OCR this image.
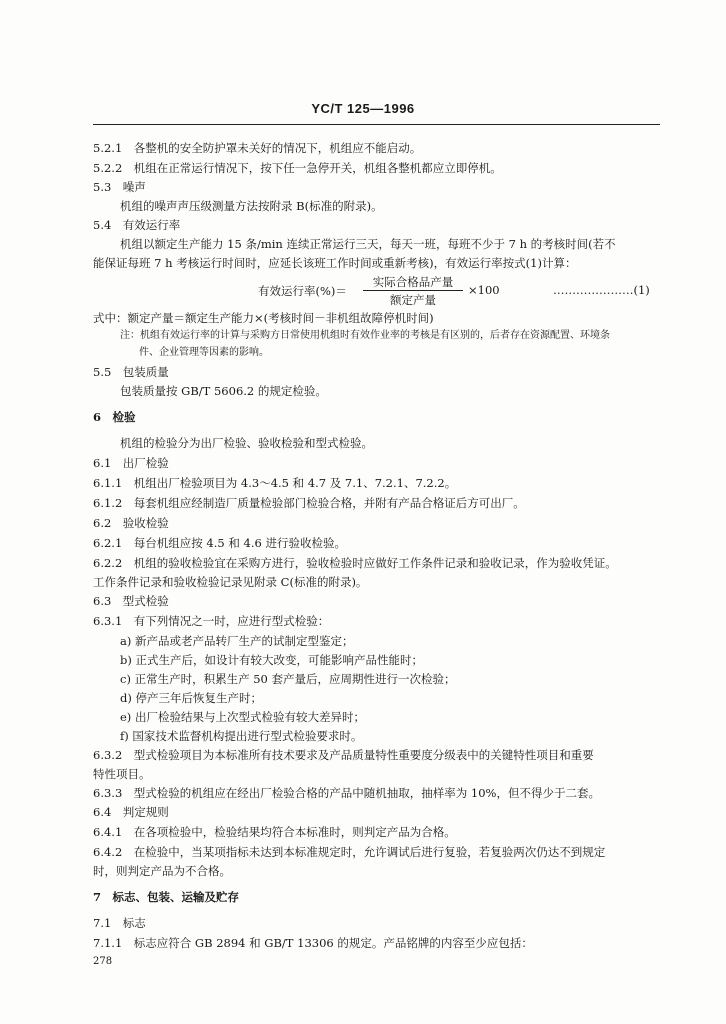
YC/T 125—1996
5.2.1　各整机的安全防护罩未关好的情况下，机组应不能启动。
5.2.2　机组在正常运行情况下，按下任一急停开关，机组各整机都应立即停机。
5.3　噪声
机组的噪声声压级测量方法按附录 B(标准的附录)。
5.4　有效运行率
机组以额定生产能力 15 条/min 连续正常运行三天，每天一班，每班不少于 7 h 的考核时间(若不
能保证每班 7 h 考核运行时间时，应延长该班工作时间或重新考核)，有效运行率按式(1)计算：
有效运行率(%)＝
实际合格品产量
额定产量
×100	…………………(1)
式中：额定产量＝额定生产能力×(考核时间－非机组故障停机时间)
注：机组有效运行率的计算与采购方日常使用机组时有效作业率的考核是有区别的，后者存在资源配置、环境条
件、企业管理等因素的影响。
5.5　包装质量
包装质量按 GB/T 5606.2 的规定检验。
6　检验
机组的检验分为出厂检验、验收检验和型式检验。
6.1　出厂检验
6.1.1　机组出厂检验项目为 4.3～4.5 和 4.7 及 7.1、7.2.1、7.2.2。
6.1.2　每套机组应经制造厂质量检验部门检验合格，并附有产品合格证后方可出厂。
6.2　验收检验
6.2.1　每台机组应按 4.5 和 4.6 进行验收检验。
6.2.2　机组的验收检验宜在采购方进行，验收检验时应做好工作条件记录和验收记录，作为验收凭证。
工作条件记录和验收检验记录见附录 C(标准的附录)。
6.3　型式检验
6.3.1　有下列情况之一时，应进行型式检验：
a) 新产品或老产品转厂生产的试制定型鉴定；
b) 正式生产后，如设计有较大改变，可能影响产品性能时；
c) 正常生产时，积累生产 50 套产量后，应周期性进行一次检验；
d) 停产三年后恢复生产时；
e) 出厂检验结果与上次型式检验有较大差异时；
f) 国家技术监督机构提出进行型式检验要求时。
6.3.2　型式检验项目为本标准所有技术要求及产品质量特性重要度分级表中的关键特性项目和重要
特性项目。
6.3.3　型式检验的机组应在经出厂检验合格的产品中随机抽取，抽样率为 10%，但不得少于二套。
6.4　判定规则
6.4.1　在各项检验中，检验结果均符合本标准时，则判定产品为合格。
6.4.2　在检验中，当某项指标未达到本标准规定时，允许调试后进行复验，若复验两次仍达不到规定
时，则判定产品为不合格。
7　标志、包装、运输及贮存
7.1　标志
7.1.1　标志应符合 GB 2894 和 GB/T 13306 的规定。产品铭牌的内容至少应包括：
278
